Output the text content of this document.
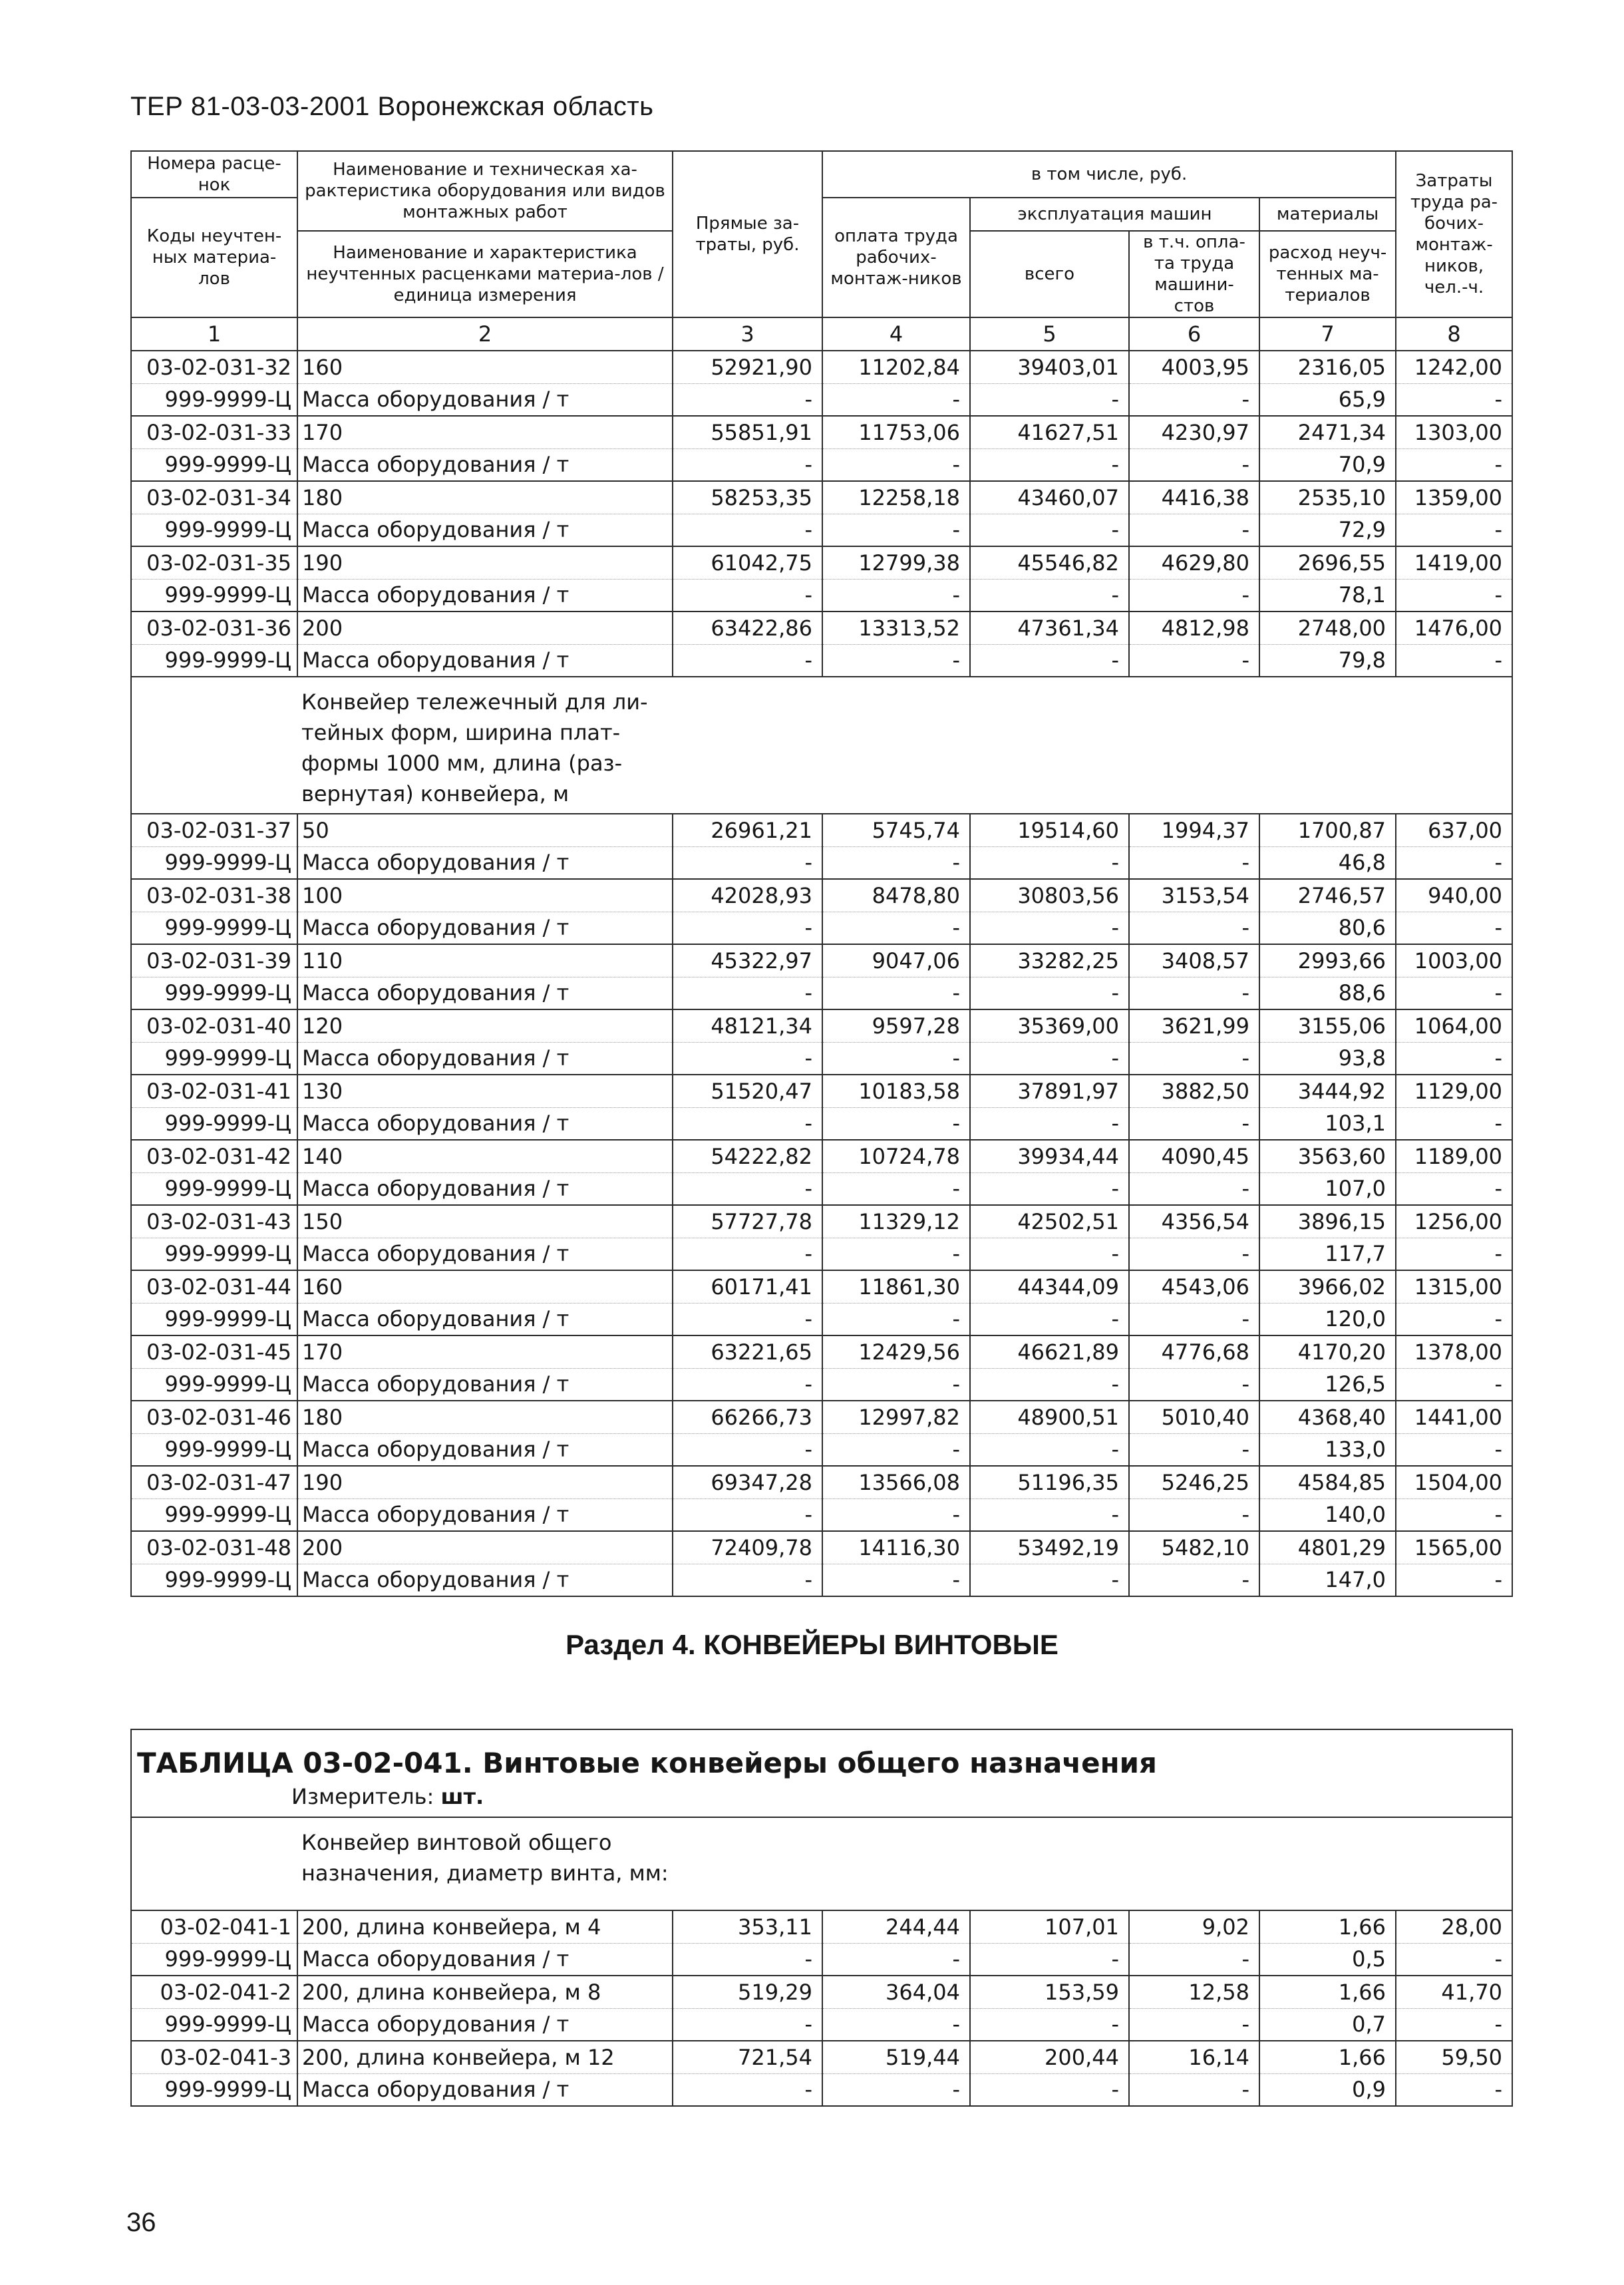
ТЕР 81-03-03-2001 Воронежская область
Номера расце-нок	Наименование и техническая ха-рактеристика оборудования или видов монтажных работ	Прямые за-траты, руб.	в том числе, руб.				Затраты труда ра-бочих-монтаж-ников, чел.-ч.
Коды неучтен-ных материа-лов			оплата труда рабочих-монтаж-ников	эксплуатация машин		материалы	
	Наименование и характеристика неучтенных расценками материа-лов / единица измерения			всего	в т.ч. опла-та труда машини-стов	расход неуч-тенных ма-териалов	

1	2	3	4	5	6	7	8
03-02-031-32	160	52921,90	11202,84	39403,01	4003,95	2316,05	1242,00
999-9999-Ц	Масса оборудования / т	-	-	-	-	65,9	-
03-02-031-33	170	55851,91	11753,06	41627,51	4230,97	2471,34	1303,00
999-9999-Ц	Масса оборудования / т	-	-	-	-	70,9	-
03-02-031-34	180	58253,35	12258,18	43460,07	4416,38	2535,10	1359,00
999-9999-Ц	Масса оборудования / т	-	-	-	-	72,9	-
03-02-031-35	190	61042,75	12799,38	45546,82	4629,80	2696,55	1419,00
999-9999-Ц	Масса оборудования / т	-	-	-	-	78,1	-
03-02-031-36	200	63422,86	13313,52	47361,34	4812,98	2748,00	1476,00
999-9999-Ц	Масса оборудования / т	-	-	-	-	79,8	-
	Конвейер тележечный для ли-тейных форм, ширина плат-формы 1000 мм, длина (раз-вернутая) конвейера, м						
03-02-031-37	50	26961,21	5745,74	19514,60	1994,37	1700,87	637,00
999-9999-Ц	Масса оборудования / т	-	-	-	-	46,8	-
03-02-031-38	100	42028,93	8478,80	30803,56	3153,54	2746,57	940,00
999-9999-Ц	Масса оборудования / т	-	-	-	-	80,6	-
03-02-031-39	110	45322,97	9047,06	33282,25	3408,57	2993,66	1003,00
999-9999-Ц	Масса оборудования / т	-	-	-	-	88,6	-
03-02-031-40	120	48121,34	9597,28	35369,00	3621,99	3155,06	1064,00
999-9999-Ц	Масса оборудования / т	-	-	-	-	93,8	-
03-02-031-41	130	51520,47	10183,58	37891,97	3882,50	3444,92	1129,00
999-9999-Ц	Масса оборудования / т	-	-	-	-	103,1	-
03-02-031-42	140	54222,82	10724,78	39934,44	4090,45	3563,60	1189,00
999-9999-Ц	Масса оборудования / т	-	-	-	-	107,0	-
03-02-031-43	150	57727,78	11329,12	42502,51	4356,54	3896,15	1256,00
999-9999-Ц	Масса оборудования / т	-	-	-	-	117,7	-
03-02-031-44	160	60171,41	11861,30	44344,09	4543,06	3966,02	1315,00
999-9999-Ц	Масса оборудования / т	-	-	-	-	120,0	-
03-02-031-45	170	63221,65	12429,56	46621,89	4776,68	4170,20	1378,00
999-9999-Ц	Масса оборудования / т	-	-	-	-	126,5	-
03-02-031-46	180	66266,73	12997,82	48900,51	5010,40	4368,40	1441,00
999-9999-Ц	Масса оборудования / т	-	-	-	-	133,0	-
03-02-031-47	190	69347,28	13566,08	51196,35	5246,25	4584,85	1504,00
999-9999-Ц	Масса оборудования / т	-	-	-	-	140,0	-
03-02-031-48	200	72409,78	14116,30	53492,19	5482,10	4801,29	1565,00
999-9999-Ц	Масса оборудования / т	-	-	-	-	147,0	-
Раздел 4. КОНВЕЙЕРЫ ВИНТОВЫЕ
ТАБЛИЦА 03-02-041. Винтовые конвейеры общего назначения							
Измеритель: шт.							
	Конвейер винтовой общего назначения, диаметр винта, мм:						
03-02-041-1	200, длина конвейера, м 4	353,11	244,44	107,01	9,02	1,66	28,00
999-9999-Ц	Масса оборудования / т	-	-	-	-	0,5	-
03-02-041-2	200, длина конвейера, м 8	519,29	364,04	153,59	12,58	1,66	41,70
999-9999-Ц	Масса оборудования / т	-	-	-	-	0,7	-
03-02-041-3	200, длина конвейера, м 12	721,54	519,44	200,44	16,14	1,66	59,50
999-9999-Ц	Масса оборудования / т	-	-	-	-	0,9	-
36
